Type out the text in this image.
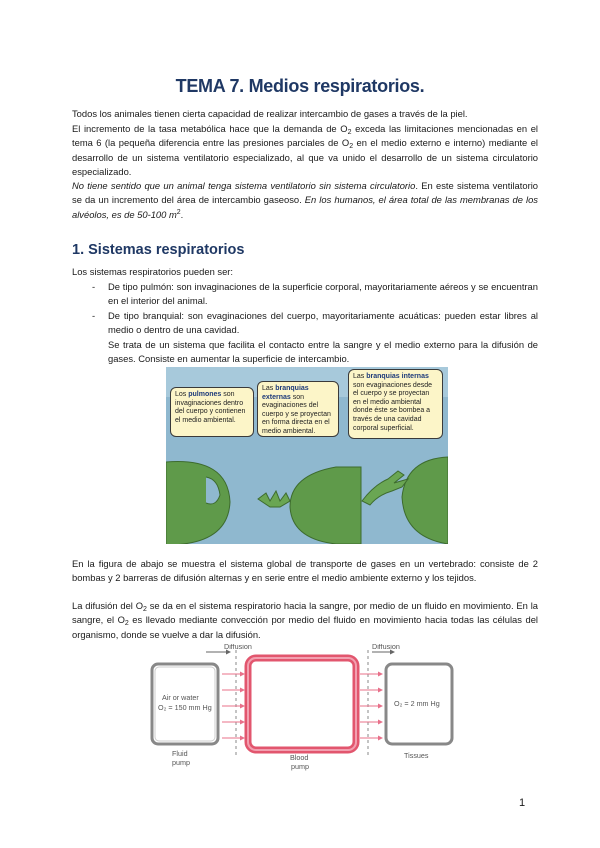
TEMA 7. Medios respiratorios.
Todos los animales tienen cierta capacidad de realizar intercambio de gases a través de la piel.
El incremento de la tasa metabólica hace que la demanda de $O_2$ exceda las limitaciones mencionadas en el tema 6 (la pequeña diferencia entre las presiones parciales de $O_2$ en el medio externo e interno) mediante el desarrollo de un sistema ventilatorio especializado, al que va unido el desarrollo de un sistema circulatorio especializado.
No tiene sentido que un animal tenga sistema ventilatorio sin sistema circulatorio. En este sistema ventilatorio se da un incremento del área de intercambio gaseoso. En los humanos, el área total de las membranas de los alvéolos, es de 50-100 $m^2$.
1. Sistemas respiratorios
Los sistemas respiratorios pueden ser:
- De tipo pulmón: son invaginaciones de la superficie corporal, mayoritariamente aéreos y se encuentran en el interior del animal.
- De tipo branquial: son evaginaciones del cuerpo, mayoritariamente acuáticas: pueden estar libres al medio o dentro de una cavidad.
Se trata de un sistema que facilita el contacto entre la sangre y el medio externo para la difusión de gases. Consiste en aumentar la superficie de intercambio.
Los pulmones son invaginaciones dentro del cuerpo y contienen el medio ambiental.
Las branquias externas son evaginaciones del cuerpo y se proyectan en forma directa en el medio ambiental.
Las branquias internas son evaginaciones desde el cuerpo y se proyectan en el medio ambiental donde éste se bombea a través de una cavidad corporal superficial.
En la figura de abajo se muestra el sistema global de transporte de gases en un vertebrado: consiste de 2 bombas y 2 barreras de difusión alternas y en serie entre el medio ambiente externo y los tejidos.
La difusión del $O_2$ se da en el sistema respiratorio hacia la sangre, por medio de un fluido en movimiento. En la sangre, el $O_2$ es llevado mediante convección por medio del fluido en movimiento hacia todas las células del organismo, donde se vuelve a dar la difusión.
Diffusion	Diffusion
Air or water
O₂ = 150 mm Hg	O₂ = 2 mm Hg
Fluid
pump
Blood
pump
Tissues
1
